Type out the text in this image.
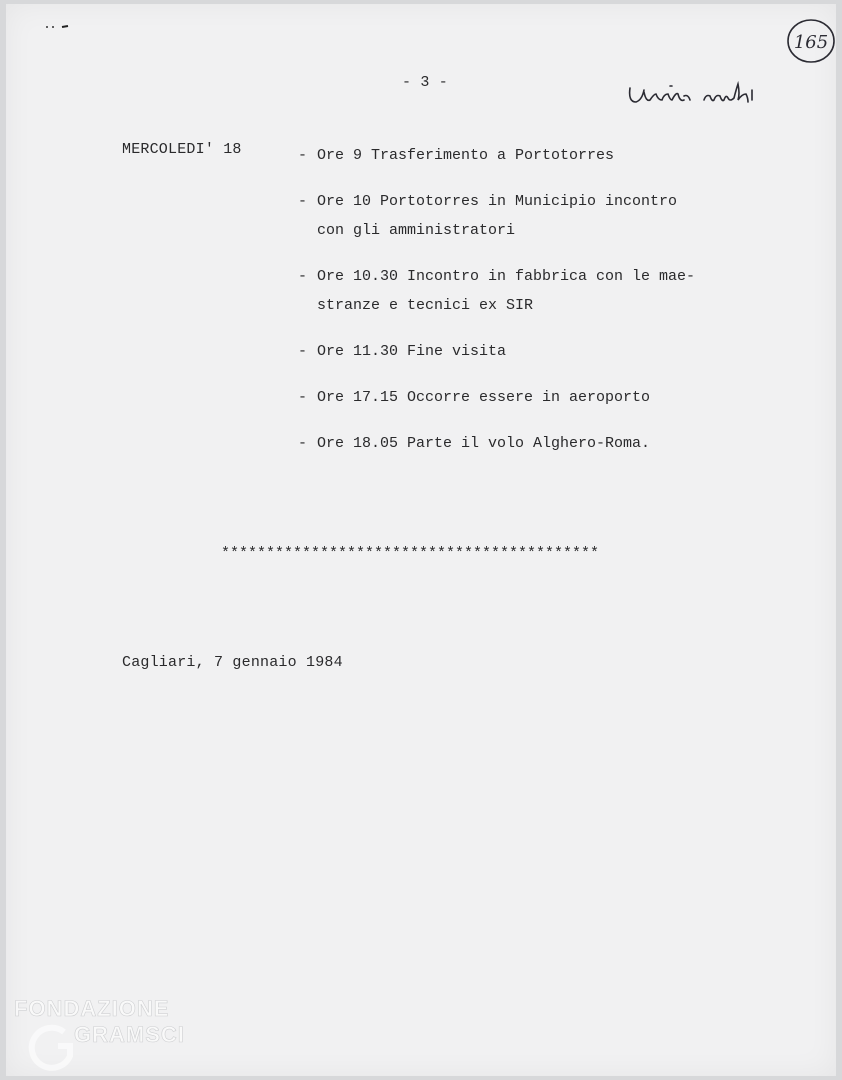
- 3 -
165
MERCOLEDI' 18	- Ore 9 Trasferimento a Portotorres
- Ore 10 Portotorres in Municipio incontro
con gli amministratori
- Ore 10.30 Incontro in fabbrica con le mae-
stranze e tecnici ex SIR
- Ore 11.30 Fine visita
- Ore 17.15 Occorre essere in aeroporto
- Ore 18.05 Parte il volo Alghero-Roma.
******************************************
Cagliari, 7 gennaio 1984
FONDAZIONE
GRAMSCI
